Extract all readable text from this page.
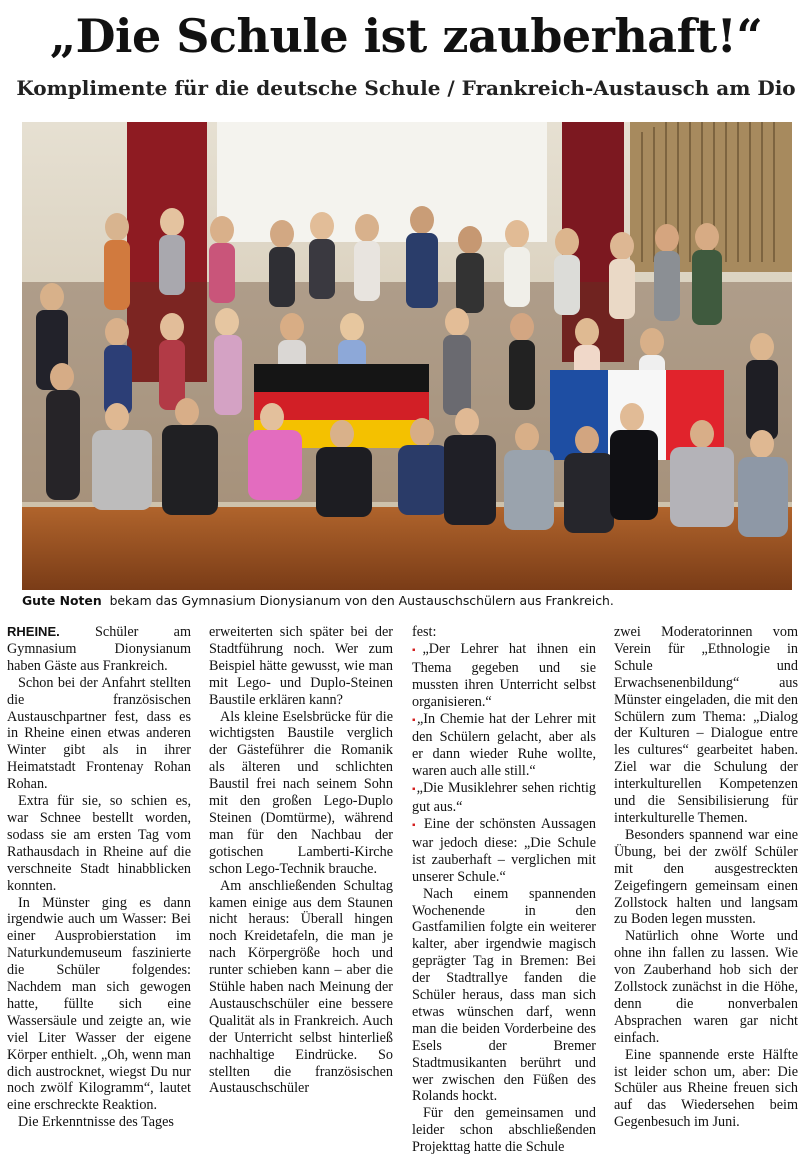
„Die Schule ist zauberhaft!“
Komplimente für die deutsche Schule / Frankreich-Austausch am Dio
Gute Noten bekam das Gymnasium Dionysianum von den Austauschschülern aus Frankreich.

RHEINE. Schüler am Gymnasium Dionysianum haben Gäste aus Frankreich.

Schon bei der Anfahrt stellten die französischen Austauschpartner fest, dass es in Rheine einen etwas anderen Winter gibt als in ihrer Heimatstadt Frontenay Rohan Rohan.

Extra für sie, so schien es, war Schnee bestellt worden, sodass sie am ersten Tag vom Rathausdach in Rheine auf die verschneite Stadt hinabblicken konnten.

In Münster ging es dann irgendwie auch um Wasser: Bei einer Ausprobierstation im Naturkundemuseum faszinierte die Schüler folgendes: Nachdem man sich gewogen hatte, füllte sich eine Wassersäule und zeigte an, wie viel Liter Wasser der eigene Körper enthielt. „Oh, wenn man dich austrocknet, wiegst Du nur noch zwölf Kilogramm“, lautet eine erschreckte Reaktion.

Die Erkenntnisse des Tages

erweiterten sich später bei der Stadtführung noch. Wer zum Beispiel hätte gewusst, wie man mit Lego- und Duplo-Steinen Baustile erklären kann?

Als kleine Eselsbrücke für die wichtigsten Baustile verglich der Gästeführer die Romanik als älteren und schlichten Baustil frei nach seinem Sohn mit den großen Lego-Duplo Steinen (Domtürme), während man für den Nachbau der gotischen Lamberti-Kirche schon Lego-Technik brauche.

Am anschließenden Schultag kamen einige aus dem Staunen nicht heraus: Überall hingen noch Kreidetafeln, die man je nach Körpergröße hoch und runter schieben kann – aber die Stühle haben nach Meinung der Austauschschüler eine bessere Qualität als in Frankreich. Auch der Unterricht selbst hinterließ nachhaltige Eindrücke. So stellten die französischen Austauschschüler

fest:

▪„Der Lehrer hat ihnen ein Thema gegeben und sie mussten ihren Unterricht selbst organisieren.“

▪„In Chemie hat der Lehrer mit den Schülern gelacht, aber als er dann wieder Ruhe wollte, waren auch alle still.“

▪„Die Musiklehrer sehen richtig gut aus.“

▪ Eine der schönsten Aussagen war jedoch diese: „Die Schule ist zauberhaft – verglichen mit unserer Schule.“

Nach einem spannenden Wochenende in den Gastfamilien folgte ein weiterer kalter, aber irgendwie magisch geprägter Tag in Bremen: Bei der Stadtrallye fanden die Schüler heraus, dass man sich etwas wünschen darf, wenn man die beiden Vorderbeine des Esels der Bremer Stadtmusikanten berührt und wer zwischen den Füßen des Rolands hockt.

Für den gemeinsamen und leider schon abschließenden Projekttag hatte die Schule

zwei Moderatorinnen vom Verein für „Ethnologie in Schule und Erwachsenenbildung“ aus Münster eingeladen, die mit den Schülern zum Thema: „Dialog der Kulturen – Dialogue entre les cultures“ gearbeitet haben. Ziel war die Schulung der interkulturellen Kompetenzen und die Sensibilisierung für interkulturelle Themen.

Besonders spannend war eine Übung, bei der zwölf Schüler mit den ausgestreckten Zeigefingern gemeinsam einen Zollstock halten und langsam zu Boden legen mussten.

Natürlich ohne Worte und ohne ihn fallen zu lassen. Wie von Zauberhand hob sich der Zollstock zunächst in die Höhe, denn die nonverbalen Absprachen waren gar nicht einfach.

Eine spannende erste Hälfte ist leider schon um, aber: Die Schüler aus Rheine freuen sich auf das Wiedersehen beim Gegenbesuch im Juni.
